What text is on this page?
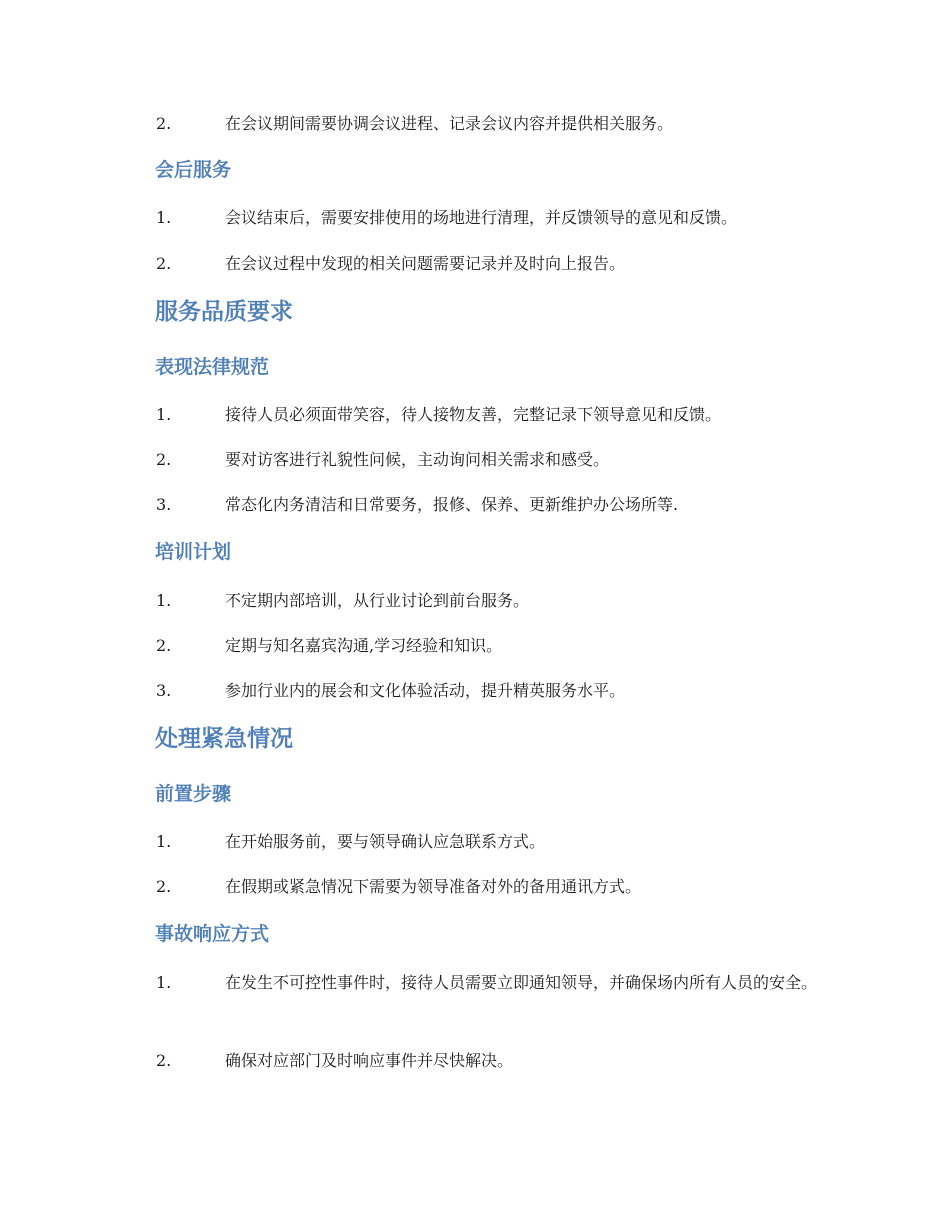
2.	在会议期间需要协调会议进程、记录会议内容并提供相关服务。
会后服务
1.	会议结束后，需要安排使用的场地进行清理，并反馈领导的意见和反馈。
2.	在会议过程中发现的相关问题需要记录并及时向上报告。
服务品质要求
表现法律规范
1.	接待人员必须面带笑容，待人接物友善，完整记录下领导意见和反馈。
2.	要对访客进行礼貌性问候，主动询问相关需求和感受。
3.	常态化内务清洁和日常要务，报修、保养、更新维护办公场所等.
培训计划
1.	不定期内部培训，从行业讨论到前台服务。
2.	定期与知名嘉宾沟通,学习经验和知识。
3.	参加行业内的展会和文化体验活动，提升精英服务水平。
处理紧急情况
前置步骤
1.	在开始服务前，要与领导确认应急联系方式。
2.	在假期或紧急情况下需要为领导准备对外的备用通讯方式。
事故响应方式
1.	在发生不可控性事件时，接待人员需要立即通知领导，并确保场内所有人员的安全。
2.	确保对应部门及时响应事件并尽快解决。
